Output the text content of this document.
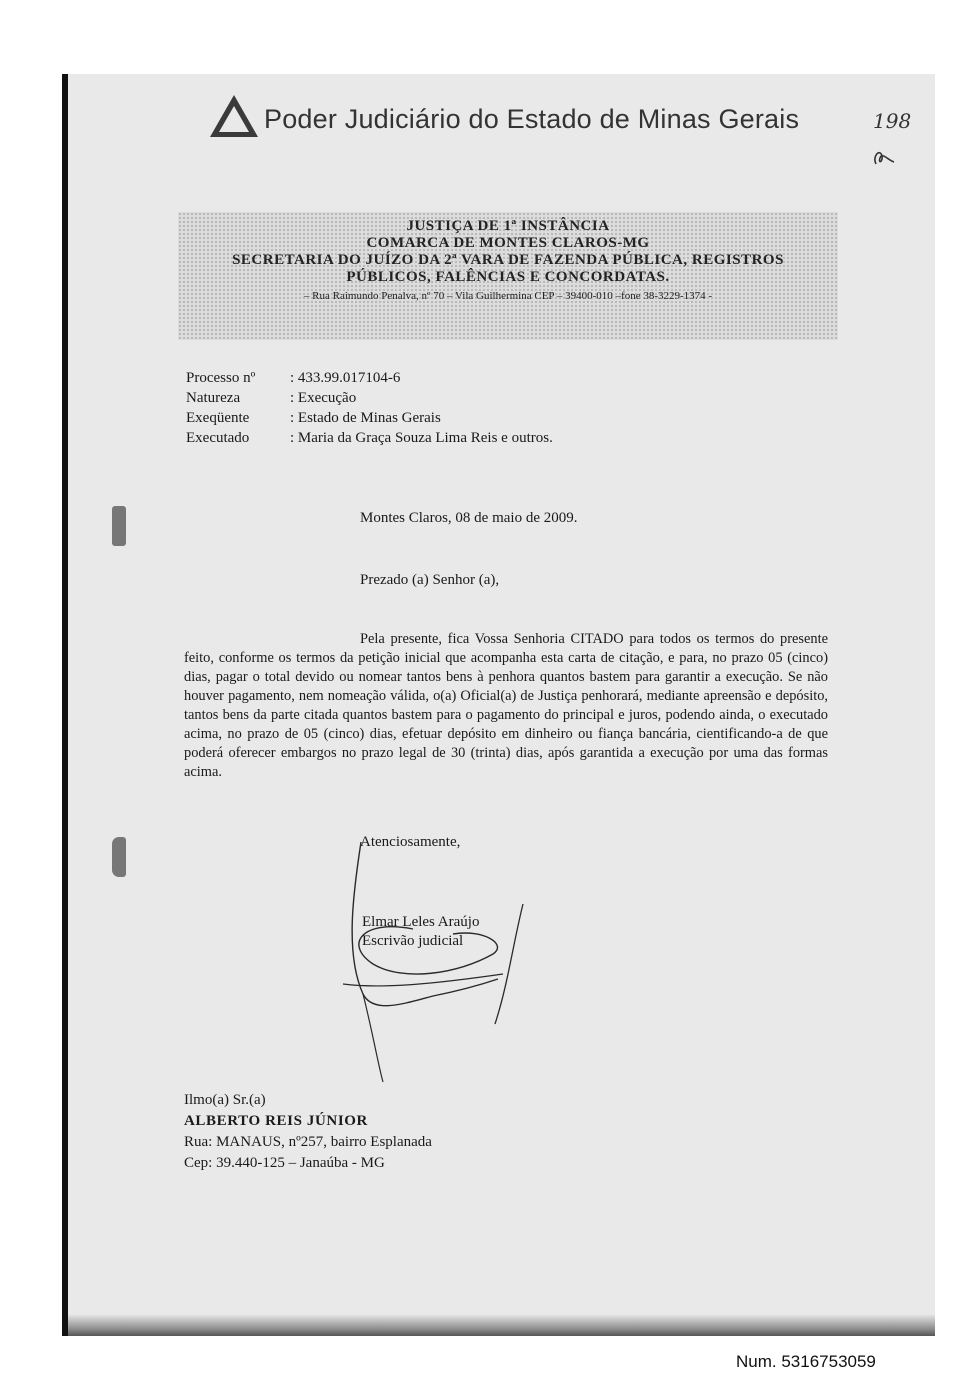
Poder Judiciário do Estado de Minas Gerais	198
JUSTIÇA DE 1ª INSTÂNCIA
COMARCA DE MONTES CLAROS-MG
SECRETARIA DO JUÍZO DA 2ª VARA DE FAZENDA PÚBLICA, REGISTROS
PÚBLICOS, FALÊNCIAS E CONCORDATAS.
– Rua Raimundo Penalva, nº 70 – Vila Guilhermina CEP – 39400-010 –fone 38-3229-1374 -
Processo nº	: 433.99.017104-6
Natureza	: Execução
Exeqüente	: Estado de Minas Gerais
Executado	: Maria da Graça Souza Lima Reis e outros.
Montes Claros, 08 de maio de 2009.
Prezado (a) Senhor (a),
Pela presente, fica Vossa Senhoria CITADO para todos os termos do presente feito, conforme os termos da petição inicial que acompanha esta carta de citação, e para, no prazo 05 (cinco) dias, pagar o total devido ou nomear tantos bens à penhora quantos bastem para garantir a execução. Se não houver pagamento, nem nomeação válida, o(a) Oficial(a) de Justiça penhorará, mediante apreensão e depósito, tantos bens da parte citada quantos bastem para o pagamento do principal e juros, podendo ainda, o executado acima, no prazo de 05 (cinco) dias, efetuar depósito em dinheiro ou fiança bancária, cientificando-a de que poderá oferecer embargos no prazo legal de 30 (trinta) dias, após garantida a execução por uma das formas acima.
Atenciosamente,
Elmar Leles Araújo
Escrivão judicial
Ilmo(a) Sr.(a)
ALBERTO REIS JÚNIOR
Rua: MANAUS, nº257, bairro Esplanada
Cep: 39.440-125 – Janaúba - MG
Num. 5316753059
